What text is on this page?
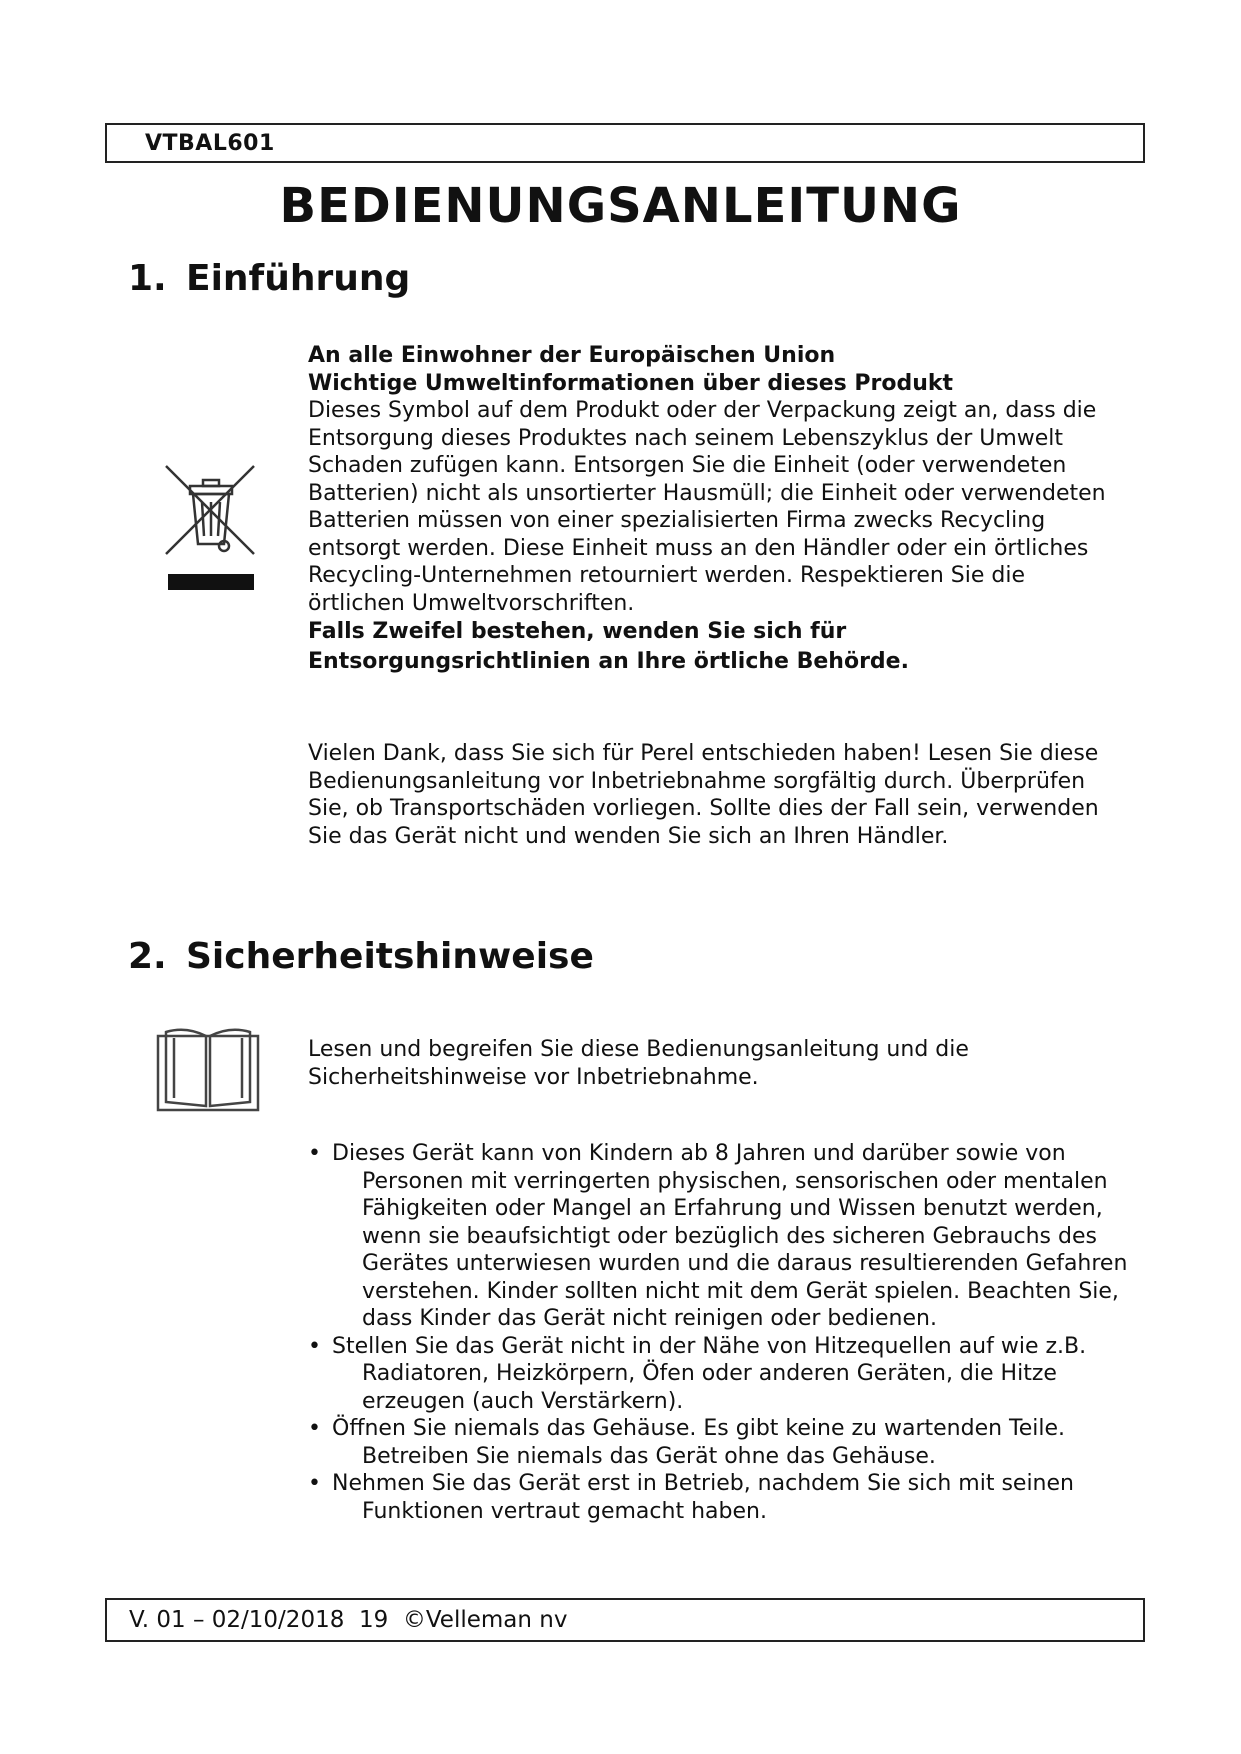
VTBAL601
BEDIENUNGSANLEITUNG
1. Einführung

An alle Einwohner der Europäischen Union

Wichtige Umweltinformationen über dieses Produkt

Dieses Symbol auf dem Produkt oder der Verpackung zeigt an, dass die Entsorgung dieses Produktes nach seinem Lebenszyklus der Umwelt Schaden zufügen kann. Entsorgen Sie die Einheit (oder verwendeten Batterien) nicht als unsortierter Hausmüll; die Einheit oder verwendeten Batterien müssen von einer spezialisierten Firma zwecks Recycling entsorgt werden. Diese Einheit muss an den Händler oder ein örtliches Recycling-Unternehmen retourniert werden. Respektieren Sie die örtlichen Umweltvorschriften.

Falls Zweifel bestehen, wenden Sie sich für Entsorgungsrichtlinien an Ihre örtliche Behörde.

Vielen Dank, dass Sie sich für Perel entschieden haben! Lesen Sie diese Bedienungsanleitung vor Inbetriebnahme sorgfältig durch. Überprüfen Sie, ob Transportschäden vorliegen. Sollte dies der Fall sein, verwenden Sie das Gerät nicht und wenden Sie sich an Ihren Händler.

2. Sicherheitshinweise

Lesen und begreifen Sie diese Bedienungsanleitung und die Sicherheitshinweise vor Inbetriebnahme.

• Dieses Gerät kann von Kindern ab 8 Jahren und darüber sowie von Personen mit verringerten physischen, sensorischen oder mentalen Fähigkeiten oder Mangel an Erfahrung und Wissen benutzt werden, wenn sie beaufsichtigt oder bezüglich des sicheren Gebrauchs des Gerätes unterwiesen wurden und die daraus resultierenden Gefahren verstehen. Kinder sollten nicht mit dem Gerät spielen. Beachten Sie, dass Kinder das Gerät nicht reinigen oder bedienen.
• Stellen Sie das Gerät nicht in der Nähe von Hitzequellen auf wie z.B. Radiatoren, Heizkörpern, Öfen oder anderen Geräten, die Hitze erzeugen (auch Verstärkern).
• Öffnen Sie niemals das Gehäuse. Es gibt keine zu wartenden Teile. Betreiben Sie niemals das Gerät ohne das Gehäuse.
• Nehmen Sie das Gerät erst in Betrieb, nachdem Sie sich mit seinen Funktionen vertraut gemacht haben.
V. 01 – 02/10/2018  19  ©Velleman nv
